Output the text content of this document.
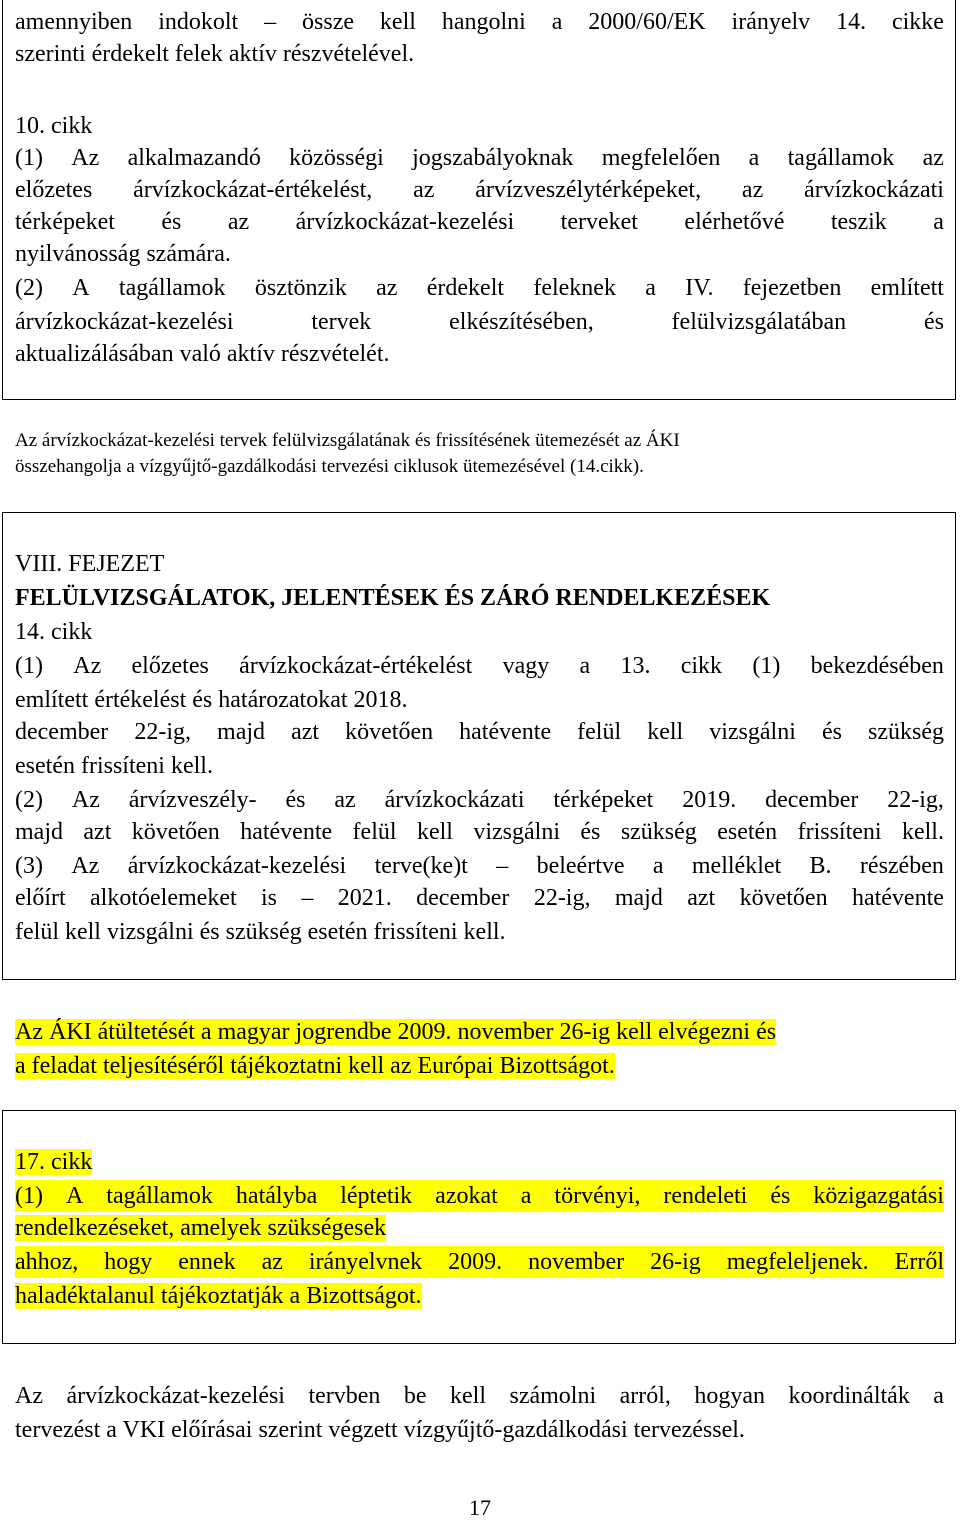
amennyiben indokolt – össze kell hangolni a 2000/60/EK irányelv 14. cikke

szerinti érdekelt felek aktív részvételével.

10. cikk

(1) Az alkalmazandó közösségi jogszabályoknak megfelelően a tagállamok az

előzetes árvízkockázat-értékelést, az árvízveszélytérképeket, az árvízkockázati

térképeket és az árvízkockázat-kezelési terveket elérhetővé teszik a

nyilvánosság számára.

(2) A tagállamok ösztönzik az érdekelt feleknek a IV. fejezetben említett

árvízkockázat-kezelési	tervek	elkészítésében,	felülvizsgálatában	és

aktualizálásában való aktív részvételét.

Az árvízkockázat-kezelési tervek felülvizsgálatának és frissítésének ütemezését az ÁKI

összehangolja a vízgyűjtő-gazdálkodási tervezési ciklusok ütemezésével (14.cikk).

VIII. FEJEZET

FELÜLVIZSGÁLATOK, JELENTÉSEK ÉS ZÁRÓ RENDELKEZÉSEK

14. cikk

(1) Az előzetes árvízkockázat-értékelést vagy a 13. cikk (1) bekezdésében

említett értékelést és határozatokat 2018.

december 22-ig, majd azt követően hatévente felül kell vizsgálni és szükség

esetén frissíteni kell.

(2) Az árvízveszély- és az árvízkockázati térképeket 2019. december 22-ig,

majd azt követően hatévente felül kell vizsgálni és szükség esetén frissíteni kell.

(3) Az árvízkockázat-kezelési terve(ke)t – beleértve a melléklet B. részében

előírt alkotóelemeket is – 2021. december 22-ig, majd azt követően hatévente

felül kell vizsgálni és szükség esetén frissíteni kell.

Az ÁKI átültetését a magyar jogrendbe 2009. november 26-ig kell elvégezni és

a feladat teljesítéséről tájékoztatni kell az Európai Bizottságot.

17. cikk

(1) A tagállamok hatályba léptetik azokat a törvényi, rendeleti és közigazgatási

rendelkezéseket, amelyek szükségesek

ahhoz, hogy ennek az irányelvnek 2009. november 26-ig megfeleljenek. Erről

haladéktalanul tájékoztatják a Bizottságot.

Az árvízkockázat-kezelési tervben be kell számolni arról, hogyan koordinálták a

tervezést a VKI előírásai szerint végzett vízgyűjtő-gazdálkodási tervezéssel.

17
